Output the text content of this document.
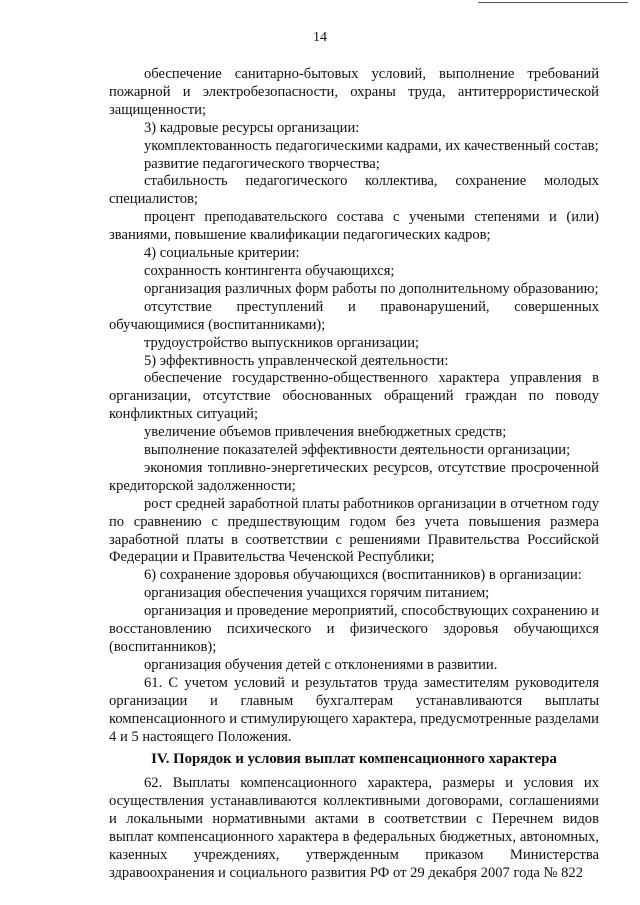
14

обеспечение санитарно-бытовых условий, выполнение требований пожарной и электробезопасности, охраны труда, антитеррористической защищенности;

3) кадровые ресурсы организации:

укомплектованность педагогическими кадрами, их качественный состав;

развитие педагогического творчества;

стабильность педагогического коллектива, сохранение молодых специалистов;

процент преподавательского состава с учеными степенями и (или) званиями, повышение квалификации педагогических кадров;

4) социальные критерии:

сохранность контингента обучающихся;

организация различных форм работы по дополнительному образованию;

отсутствие преступлений и правонарушений, совершенных обучающимися (воспитанниками);

трудоустройство выпускников организации;

5) эффективность управленческой деятельности:

обеспечение государственно-общественного характера управления в организации, отсутствие обоснованных обращений граждан по поводу конфликтных ситуаций;

увеличение объемов привлечения внебюджетных средств;

выполнение показателей эффективности деятельности организации;

экономия топливно-энергетических ресурсов, отсутствие просроченной кредиторской задолженности;

рост средней заработной платы работников организации в отчетном году по сравнению с предшествующим годом без учета повышения размера заработной платы в соответствии с решениями Правительства Российской Федерации и Правительства Чеченской Республики;

6) сохранение здоровья обучающихся (воспитанников) в организации:

организация обеспечения учащихся горячим питанием;

организация и проведение мероприятий, способствующих сохранению и восстановлению психического и физического здоровья обучающихся (воспитанников);

организация обучения детей с отклонениями в развитии.

61. С учетом условий и результатов труда заместителям руководителя организации и главным бухгалтерам устанавливаются выплаты компенсационного и стимулирующего характера, предусмотренные разделами 4 и 5 настоящего Положения.

IV. Порядок и условия выплат компенсационного характера

62. Выплаты компенсационного характера, размеры и условия их осуществления устанавливаются коллективными договорами, соглашениями и локальными нормативными актами в соответствии с Перечнем видов выплат компенсационного характера в федеральных бюджетных, автономных, казенных учреждениях, утвержденным приказом Министерства здравоохранения и социального развития РФ от 29 декабря 2007 года № 822
